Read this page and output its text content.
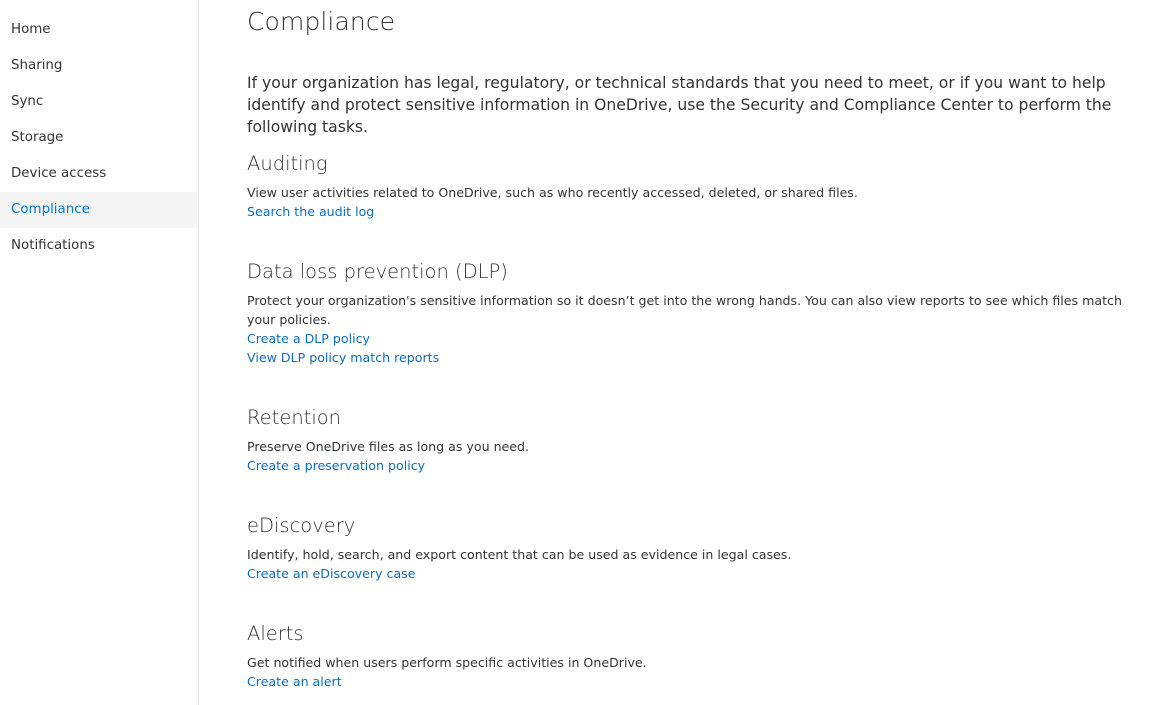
Home
Sharing
Sync
Storage
Device access
Compliance
Notifications
Compliance

If your organization has legal, regulatory, or technical standards that you need to meet, or if you want to help identify and protect sensitive information in OneDrive, use the Security and Compliance Center to perform the following tasks.

Auditing

View user activities related to OneDrive, such as who recently accessed, deleted, or shared files.

Search the audit log
Data loss prevention (DLP)

Protect your organization's sensitive information so it doesn’t get into the wrong hands. You can also view reports to see which files match your policies.

Create a DLP policy
View DLP policy match reports
Retention

Preserve OneDrive files as long as you need.

Create a preservation policy
eDiscovery

Identify, hold, search, and export content that can be used as evidence in legal cases.

Create an eDiscovery case
Alerts

Get notified when users perform specific activities in OneDrive.

Create an alert
